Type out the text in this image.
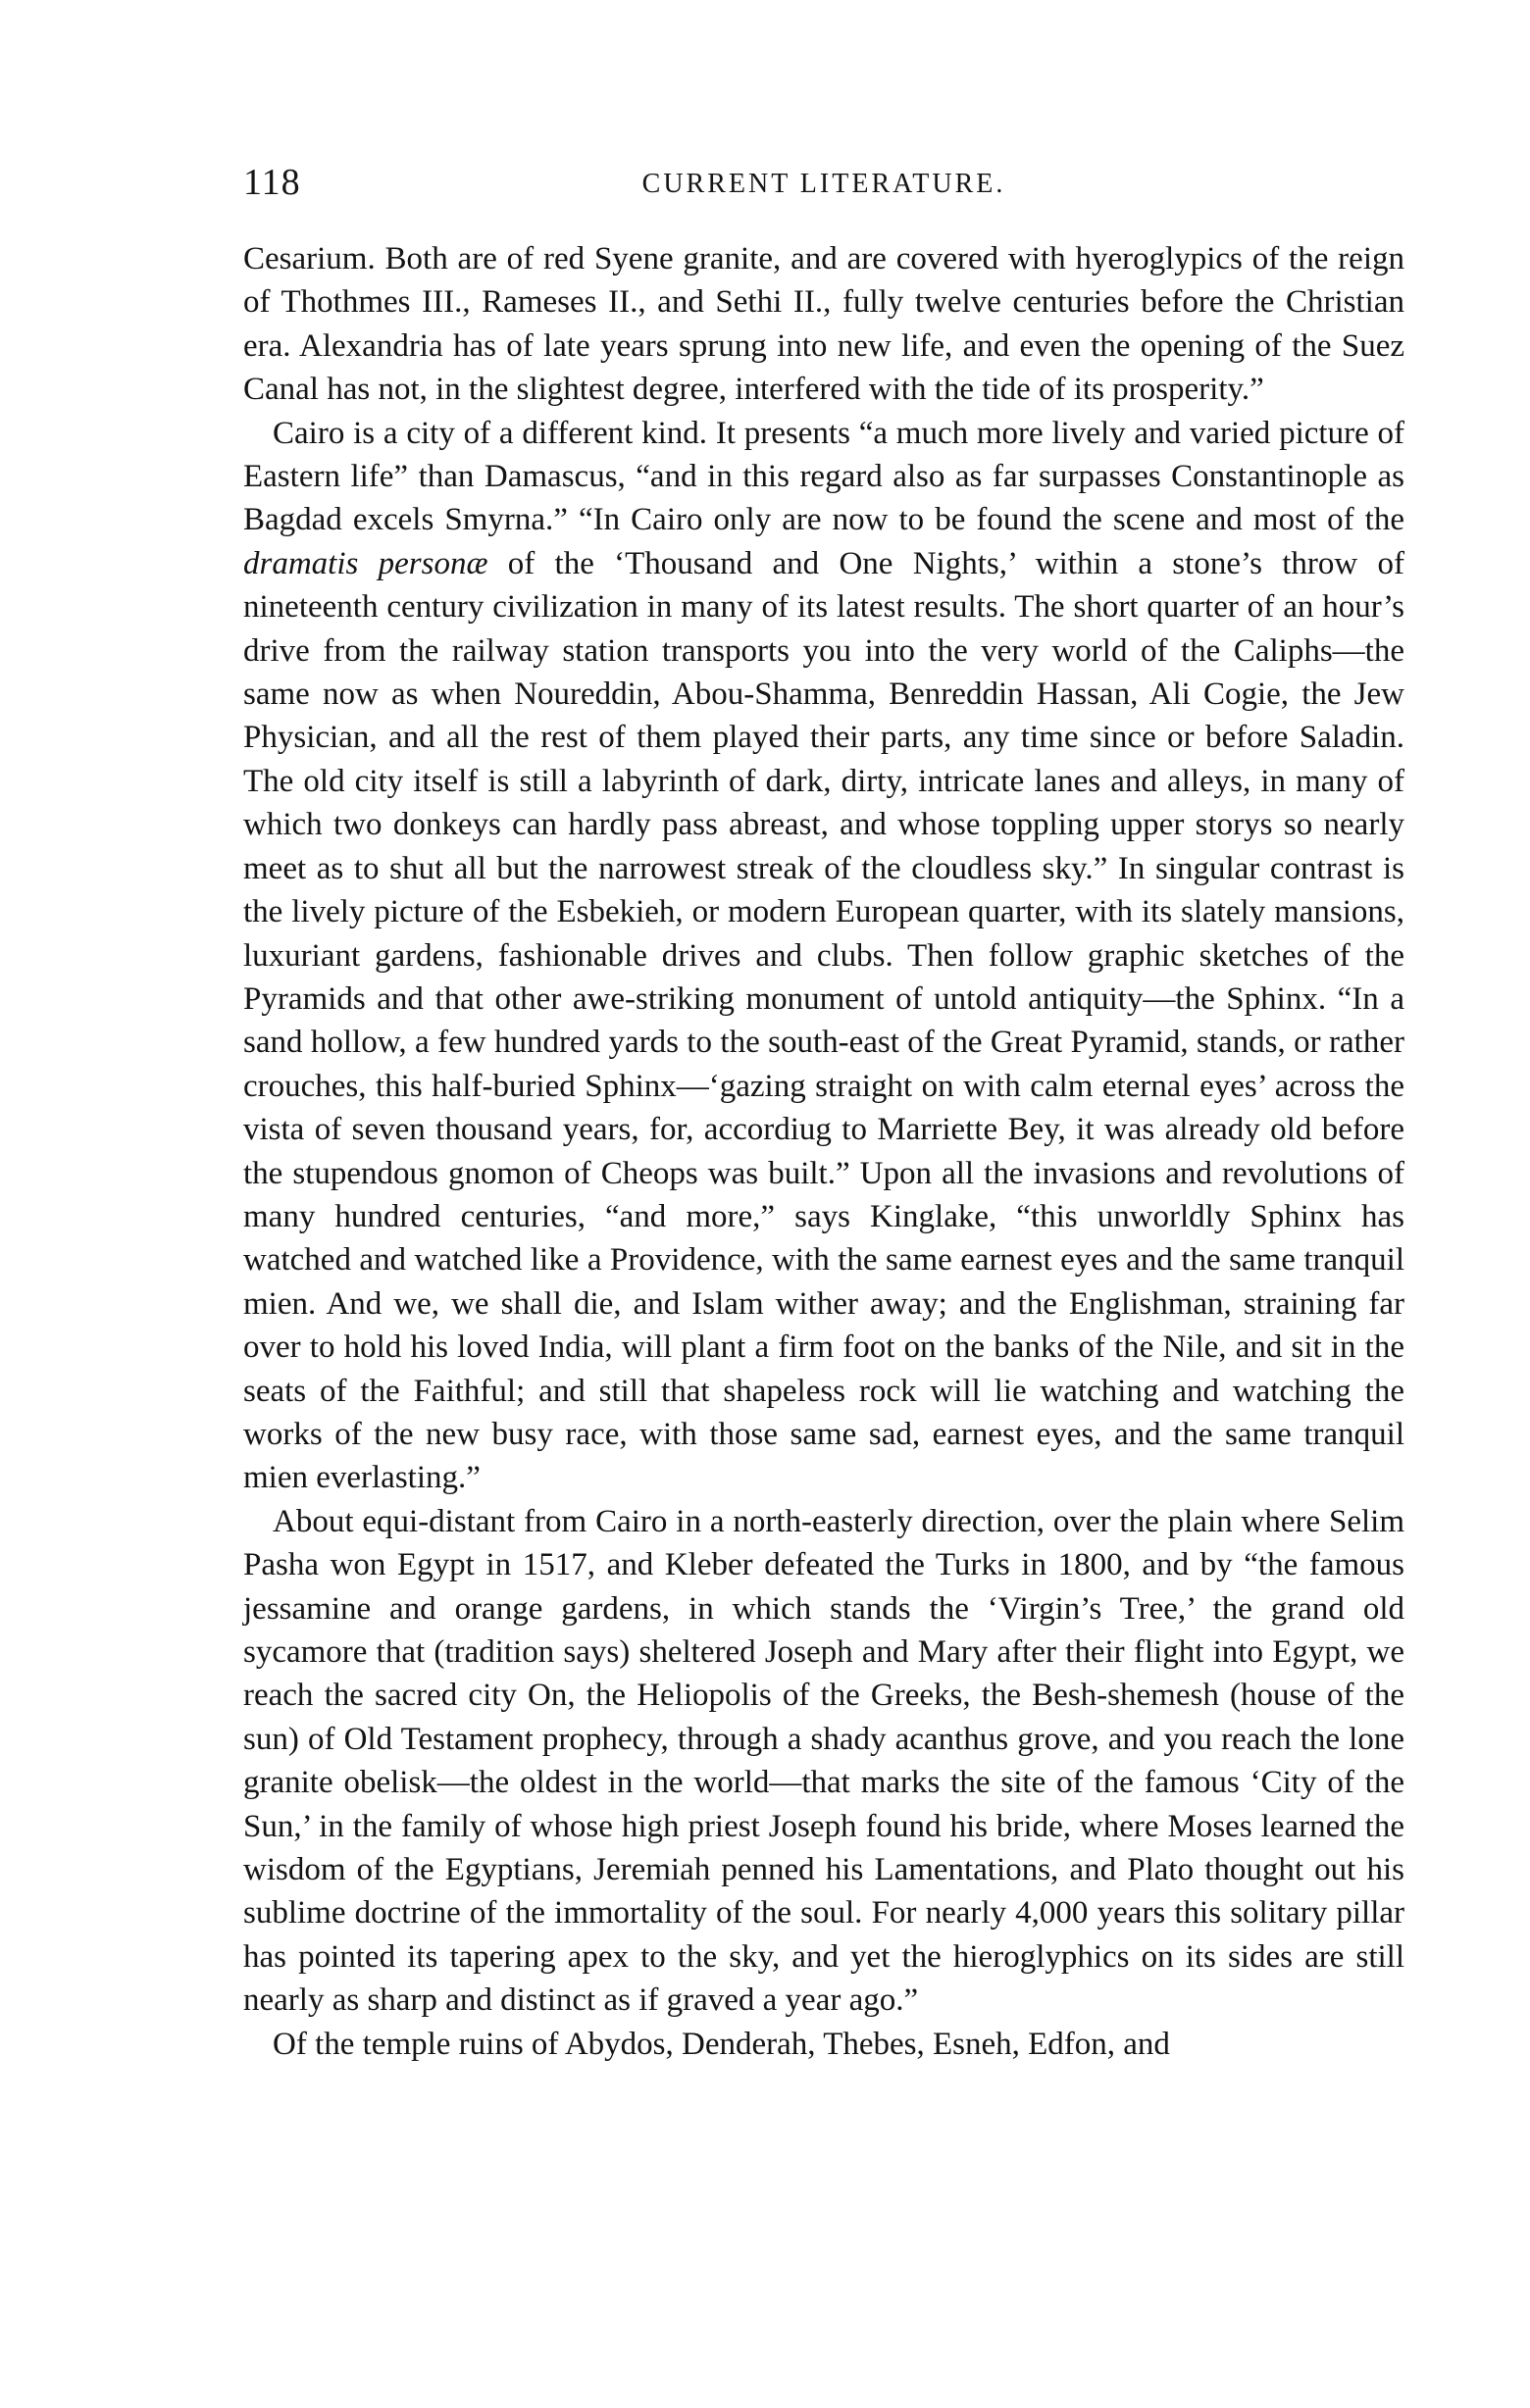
118	CURRENT LITERATURE.

Cesarium. Both are of red Syene granite, and are covered with hyeroglypics of the reign of Thothmes III., Rameses II., and Sethi II., fully twelve centuries before the Christian era. Alexandria has of late years sprung into new life, and even the opening of the Suez Canal has not, in the slightest degree, interfered with the tide of its prosperity.”

Cairo is a city of a different kind. It presents “a much more lively and varied picture of Eastern life” than Damascus, “and in this regard also as far surpasses Constantinople as Bagdad excels Smyrna.” “In Cairo only are now to be found the scene and most of the dramatis personæ of the ‘Thousand and One Nights,’ within a stone’s throw of nineteenth century civilization in many of its latest results. The short quarter of an hour’s drive from the railway station transports you into the very world of the Caliphs—the same now as when Noureddin, Abou-Shamma, Benreddin Hassan, Ali Cogie, the Jew Physician, and all the rest of them played their parts, any time since or before Saladin. The old city itself is still a labyrinth of dark, dirty, intricate lanes and alleys, in many of which two donkeys can hardly pass abreast, and whose toppling upper storys so nearly meet as to shut all but the narrowest streak of the cloudless sky.” In singular contrast is the lively picture of the Esbekieh, or modern European quarter, with its slately mansions, luxuriant gardens, fashionable drives and clubs. Then follow graphic sketches of the Pyramids and that other awe-striking monument of untold antiquity—the Sphinx. “In a sand hollow, a few hundred yards to the south-east of the Great Pyramid, stands, or rather crouches, this half-buried Sphinx—‘gazing straight on with calm eternal eyes’ across the vista of seven thousand years, for, accordiug to Marriette Bey, it was already old before the stupendous gnomon of Cheops was built.” Upon all the invasions and revolutions of many hundred centuries, “and more,” says Kinglake, “this unworldly Sphinx has watched and watched like a Providence, with the same earnest eyes and the same tranquil mien. And we, we shall die, and Islam wither away; and the Englishman, straining far over to hold his loved India, will plant a firm foot on the banks of the Nile, and sit in the seats of the Faithful; and still that shapeless rock will lie watching and watching the works of the new busy race, with those same sad, earnest eyes, and the same tranquil mien everlasting.”

About equi-distant from Cairo in a north-easterly direction, over the plain where Selim Pasha won Egypt in 1517, and Kleber defeated the Turks in 1800, and by “the famous jessamine and orange gardens, in which stands the ‘Virgin’s Tree,’ the grand old sycamore that (tradition says) sheltered Joseph and Mary after their flight into Egypt, we reach the sacred city On, the Heliopolis of the Greeks, the Besh-shemesh (house of the sun) of Old Testament prophecy, through a shady acanthus grove, and you reach the lone granite obelisk—the oldest in the world—that marks the site of the famous ‘City of the Sun,’ in the family of whose high priest Joseph found his bride, where Moses learned the wisdom of the Egyptians, Jeremiah penned his Lamentations, and Plato thought out his sublime doctrine of the immortality of the soul. For nearly 4,000 years this solitary pillar has pointed its tapering apex to the sky, and yet the hieroglyphics on its sides are still nearly as sharp and distinct as if graved a year ago.”

Of the temple ruins of Abydos, Denderah, Thebes, Esneh, Edfon, and
